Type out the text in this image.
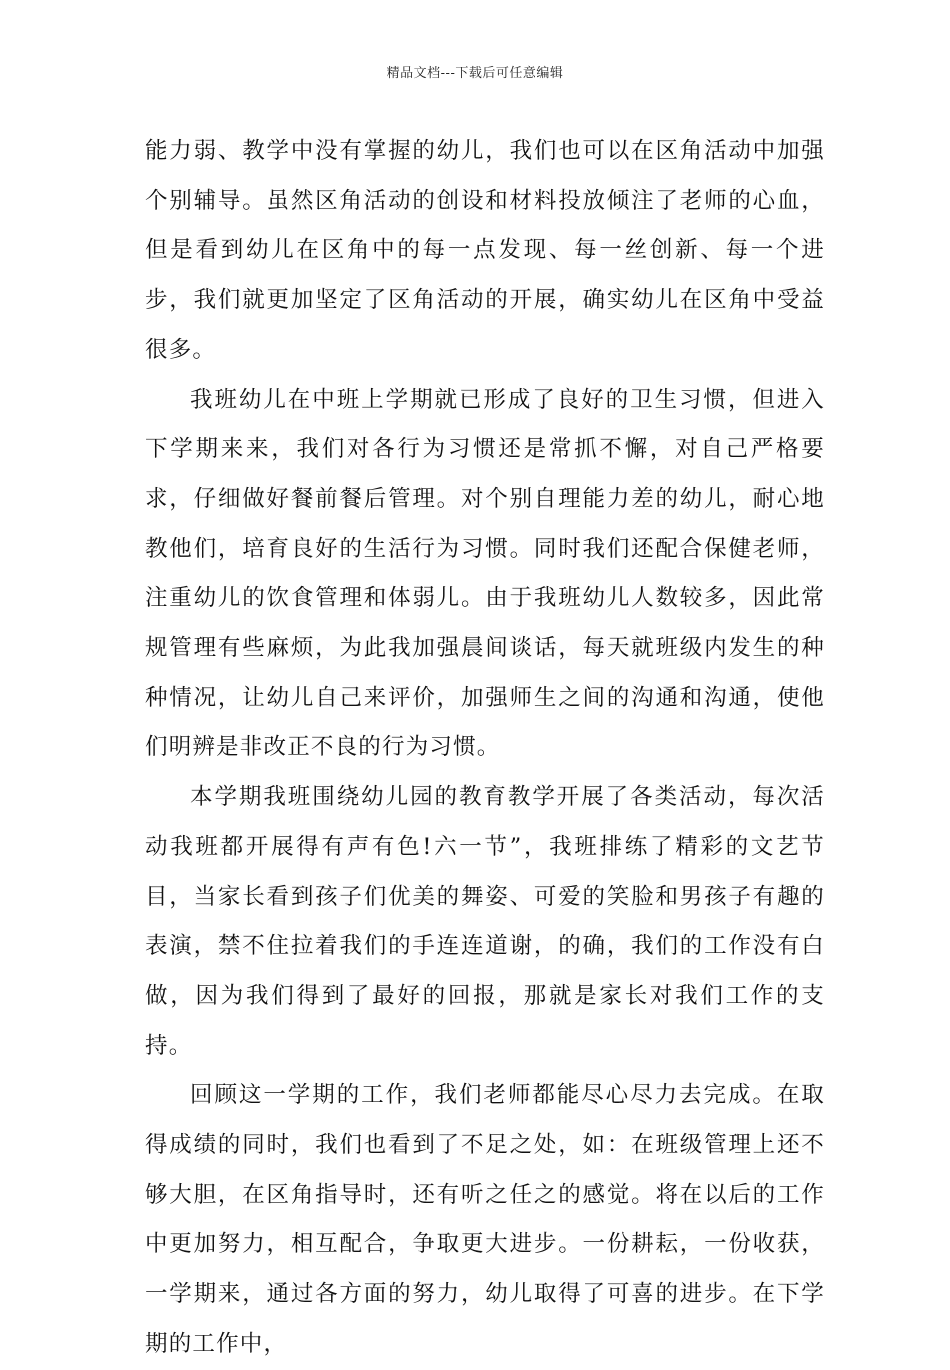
精品文档---下载后可任意编辑

能力弱、教学中没有掌握的幼儿，我们也可以在区角活动中加强个别辅导。虽然区角活动的创设和材料投放倾注了老师的心血，但是看到幼儿在区角中的每一点发现、每一丝创新、每一个进步，我们就更加坚定了区角活动的开展，确实幼儿在区角中受益很多。

我班幼儿在中班上学期就已形成了良好的卫生习惯，但进入下学期来来，我们对各行为习惯还是常抓不懈，对自己严格要求，仔细做好餐前餐后管理。对个别自理能力差的幼儿，耐心地教他们，培育良好的生活行为习惯。同时我们还配合保健老师，注重幼儿的饮食管理和体弱儿。由于我班幼儿人数较多，因此常规管理有些麻烦，为此我加强晨间谈话，每天就班级内发生的种种情况，让幼儿自己来评价，加强师生之间的沟通和沟通，使他们明辨是非改正不良的行为习惯。

本学期我班围绕幼儿园的教育教学开展了各类活动，每次活动我班都开展得有声有色!六一节”，我班排练了精彩的文艺节目，当家长看到孩子们优美的舞姿、可爱的笑脸和男孩子有趣的表演，禁不住拉着我们的手连连道谢，的确，我们的工作没有白做，因为我们得到了最好的回报，那就是家长对我们工作的支持。

回顾这一学期的工作，我们老师都能尽心尽力去完成。在取得成绩的同时，我们也看到了不足之处，如：在班级管理上还不够大胆，在区角指导时，还有听之任之的感觉。将在以后的工作中更加努力，相互配合，争取更大进步。一份耕耘，一份收获，一学期来，通过各方面的努力，幼儿取得了可喜的进步。在下学期的工作中，
